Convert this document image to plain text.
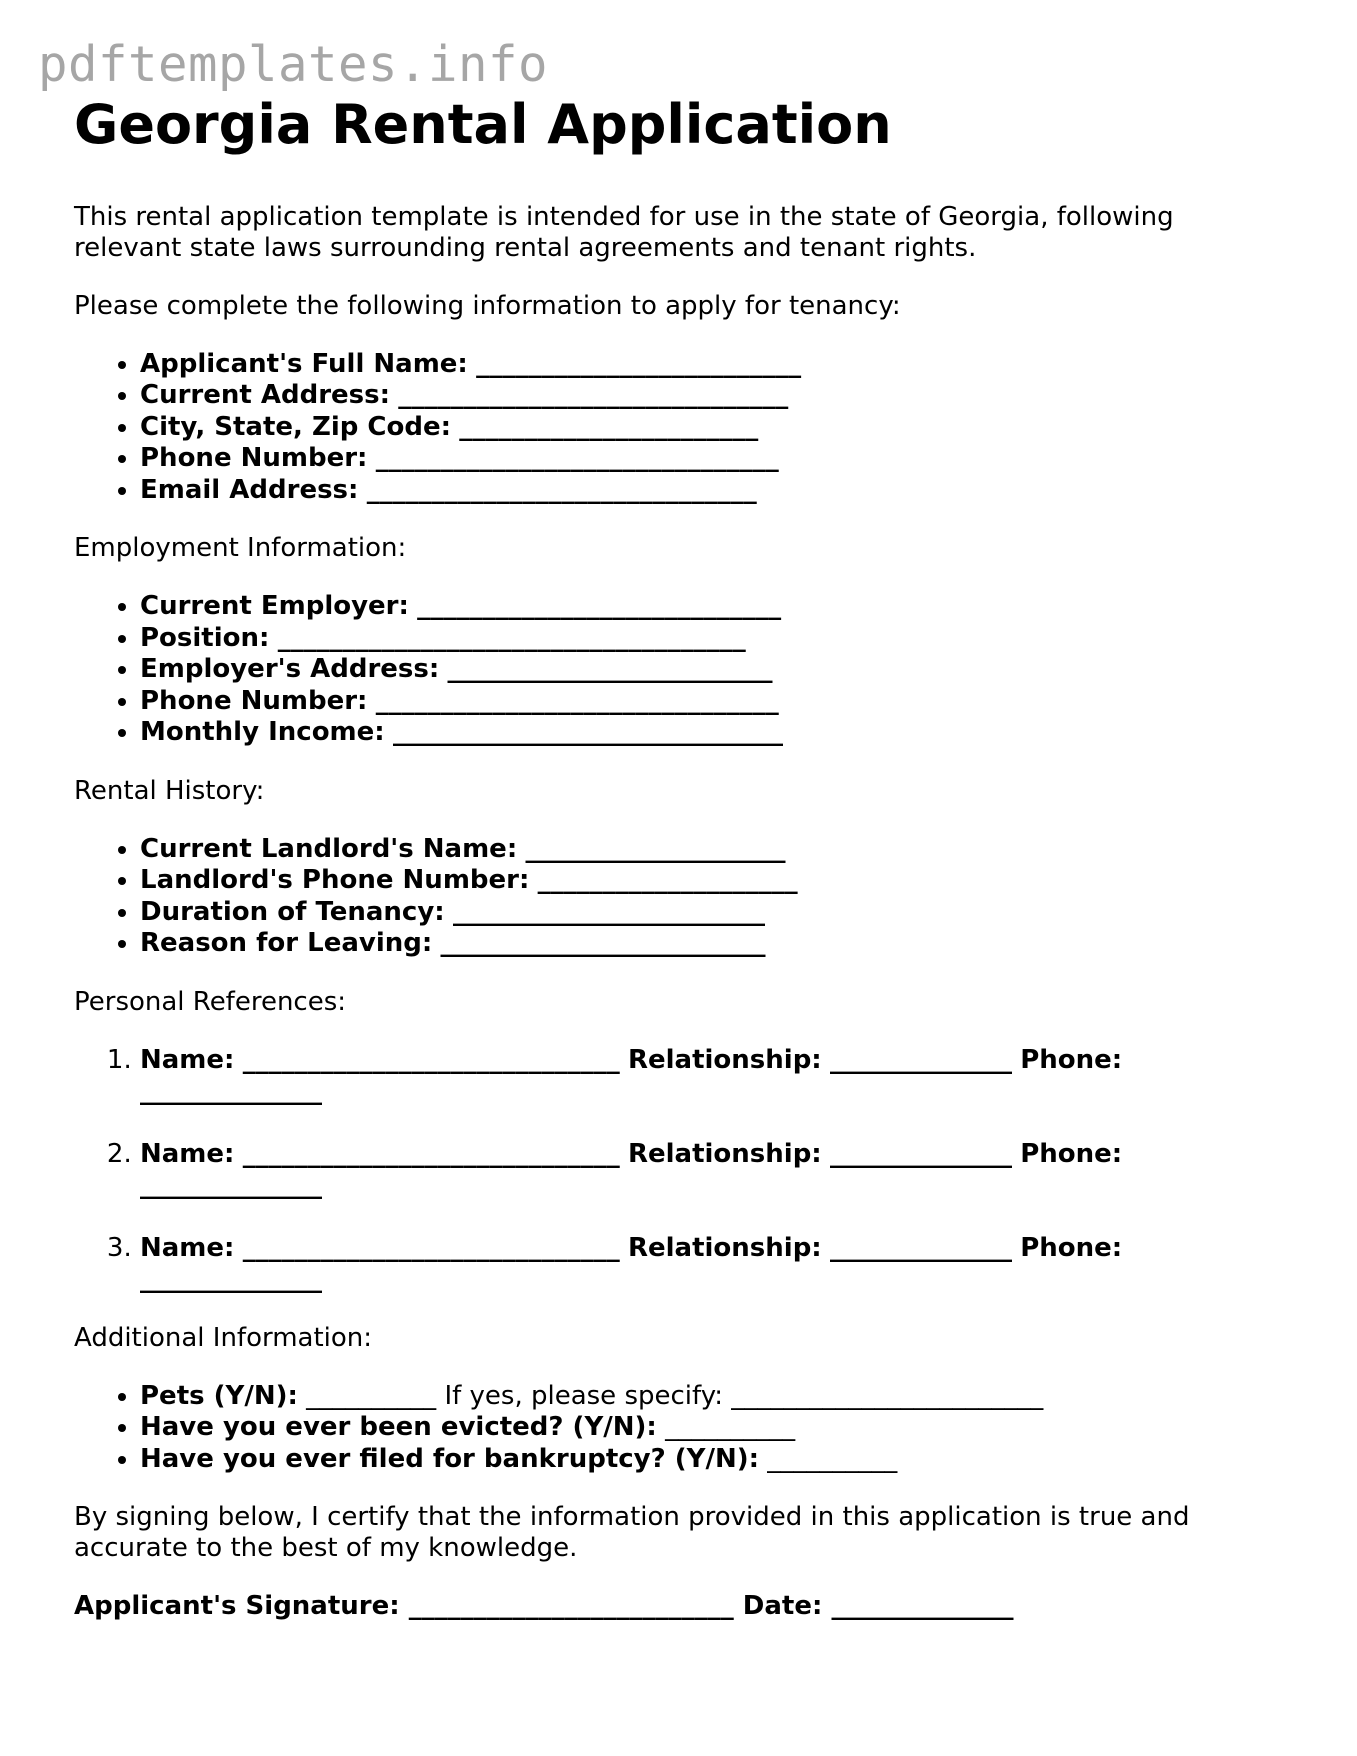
pdftemplates.info
Georgia Rental Application

This rental application template is intended for use in the state of Georgia, following relevant state laws surrounding rental agreements and tenant rights.

Please complete the following information to apply for tenancy:

• Applicant's Full Name: _________________________
• Current Address: ______________________________
• City, State, Zip Code: _______________________
• Phone Number: _______________________________
• Email Address: ______________________________

Employment Information:

• Current Employer: ____________________________
• Position: ____________________________________
• Employer's Address: _________________________
• Phone Number: _______________________________
• Monthly Income: ______________________________

Rental History:

• Current Landlord's Name: ____________________
• Landlord's Phone Number: ____________________
• Duration of Tenancy: ________________________
• Reason for Leaving: _________________________

Personal References:

1. Name: _____________________________ Relationship: ______________ Phone: ______________
2. Name: _____________________________ Relationship: ______________ Phone: ______________
3. Name: _____________________________ Relationship: ______________ Phone: ______________

Additional Information:

• Pets (Y/N): __________ If yes, please specify: ________________________
• Have you ever been evicted? (Y/N): __________
• Have you ever filed for bankruptcy? (Y/N): __________

By signing below, I certify that the information provided in this application is true and accurate to the best of my knowledge.

Applicant's Signature: _________________________ Date: ______________
